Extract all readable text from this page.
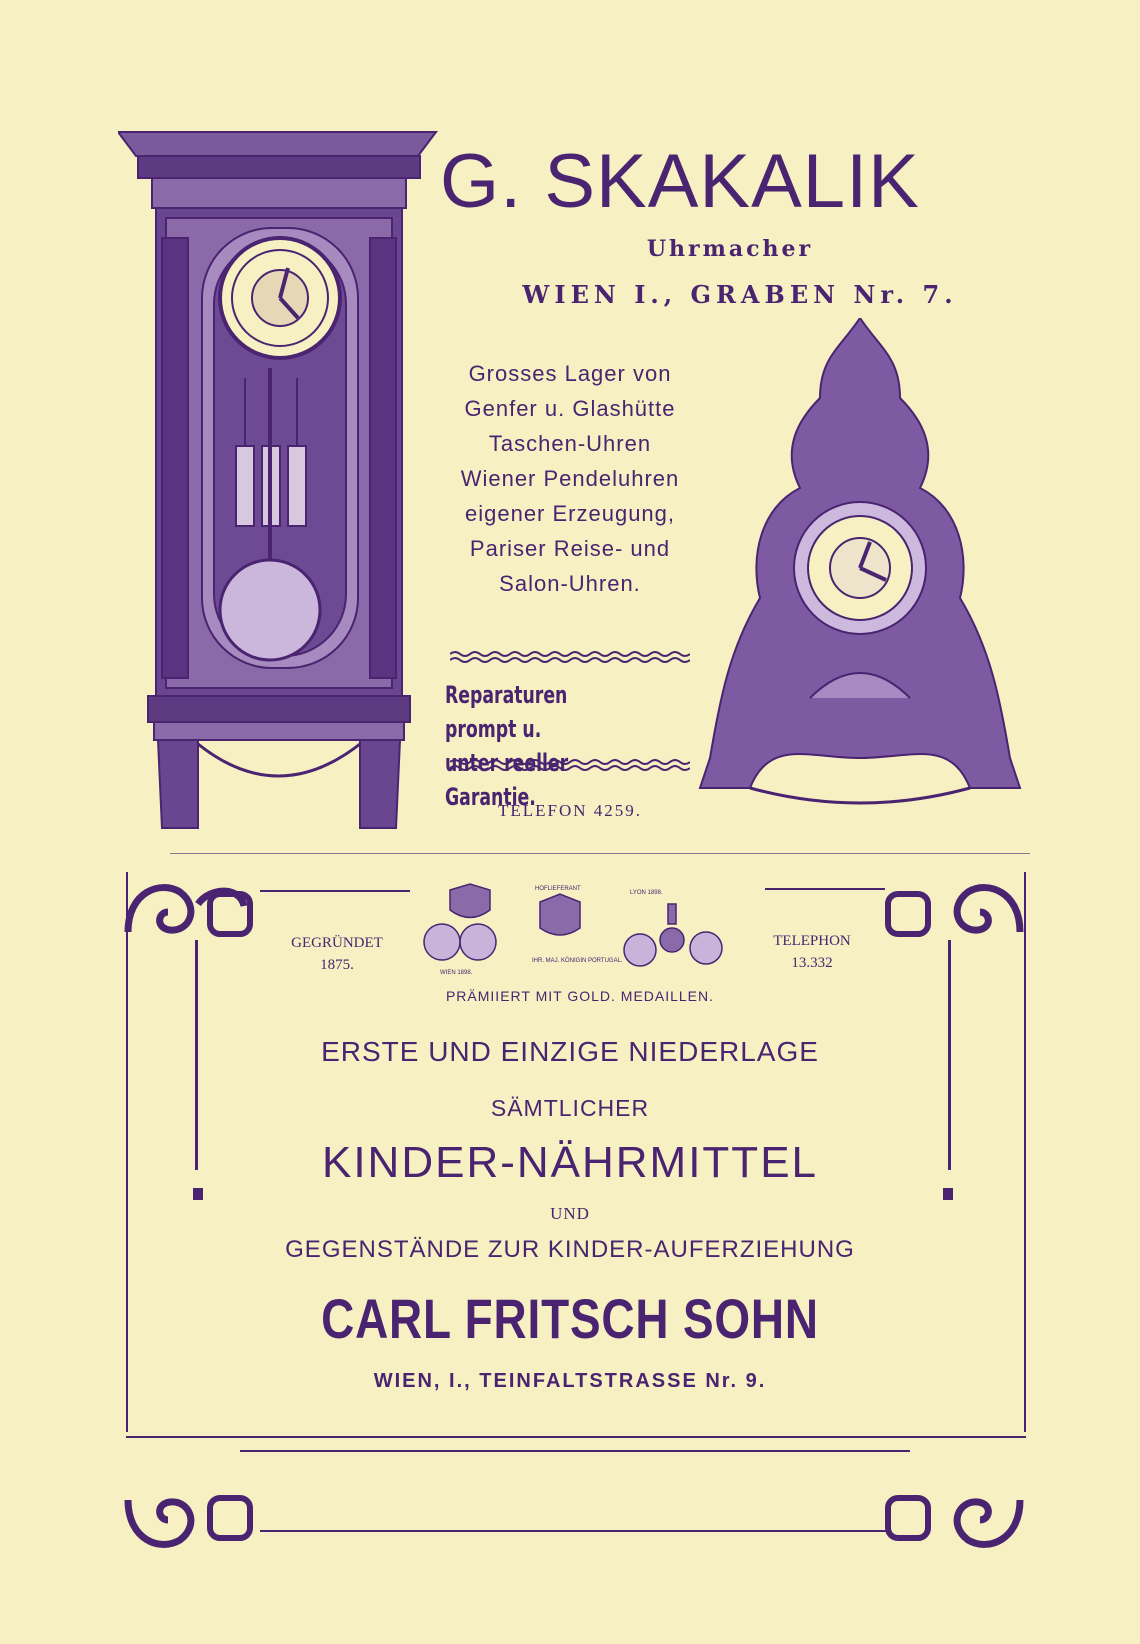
G. SKAKALIK
Uhrmacher
WIEN I., GRABEN Nr. 7.
Grosses Lager von
Genfer u. Glashütte
Taschen-Uhren
Wiener Pendeluhren
eigener Erzeugung,
Pariser Reise- und
Salon-Uhren.
Reparaturen prompt u.
unter reeller Garantie.
TELEFON 4259.
GEGRÜNDET
1875.	WIEN 1898.
HOFLIEFERANT
IHR. MAJ. KÖNIGIN PORTUGAL.
LYON 1898.
TELEPHON
13.332
PRÄMIIERT MIT GOLD. MEDAILLEN.
ERSTE UND EINZIGE NIEDERLAGE
SÄMTLICHER
KINDER-NÄHRMITTEL
UND
GEGENSTÄNDE ZUR KINDER-AUFERZIEHUNG
CARL FRITSCH SOHN
WIEN, I., TEINFALTSTRASSE Nr. 9.
